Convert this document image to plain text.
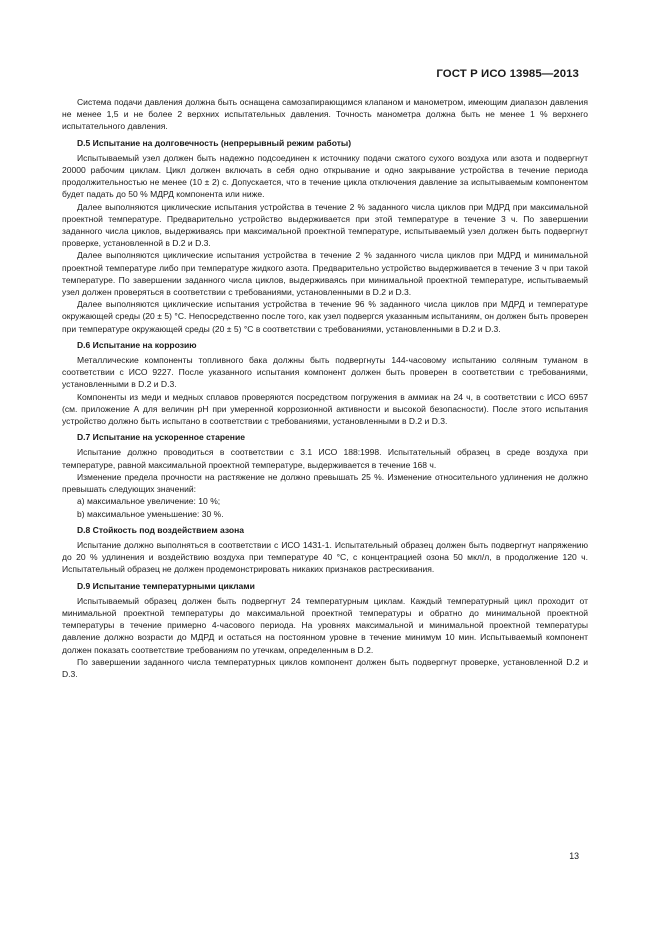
ГОСТ Р ИСО 13985—2013

Система подачи давления должна быть оснащена самозапирающимся клапаном и манометром, имеющим диапазон давления не менее 1,5 и не более 2 верхних испытательных давления. Точность манометра должна быть не менее 1 % верхнего испытательного давления.

D.5 Испытание на долговечность (непрерывный режим работы)

Испытываемый узел должен быть надежно подсоединен к источнику подачи сжатого сухого воздуха или азота и подвергнут 20000 рабочим циклам. Цикл должен включать в себя одно открывание и одно закрывание устройства в течение периода продолжительностью не менее (10 ± 2) с. Допускается, что в течение цикла отключения давление за испытываемым компонентом будет падать до 50 % МДРД компонента или ниже.

Далее выполняются циклические испытания устройства в течение 2 % заданного числа циклов при МДРД при максимальной проектной температуре. Предварительно устройство выдерживается при этой температуре в течение 3 ч. По завершении заданного числа циклов, выдерживаясь при максимальной проектной температуре, испытываемый узел должен быть подвергнут проверке, установленной в D.2 и D.3.

Далее выполняются циклические испытания устройства в течение 2 % заданного числа циклов при МДРД и минимальной проектной температуре либо при температуре жидкого азота. Предварительно устройство выдерживается в течение 3 ч при такой температуре. По завершении заданного числа циклов, выдерживаясь при минимальной проектной температуре, испытываемый узел должен проверяться в соответствии с требованиями, установленными в D.2 и D.3.

Далее выполняются циклические испытания устройства в течение 96 % заданного числа циклов при МДРД и температуре окружающей среды (20 ± 5) °С. Непосредственно после того, как узел подвергся указанным испытаниям, он должен быть проверен при температуре окружающей среды (20 ± 5) °С в соответствии с требованиями, установленными в D.2 и D.3.

D.6 Испытание на коррозию

Металлические компоненты топливного бака должны быть подвергнуты 144-часовому испытанию соляным туманом в соответствии с ИСО 9227. После указанного испытания компонент должен быть проверен в соответствии с требованиями, установленными в D.2 и D.3.

Компоненты из меди и медных сплавов проверяются посредством погружения в аммиак на 24 ч, в соответствии с ИСО 6957 (см. приложение А для величин pH при умеренной коррозионной активности и высокой безопасности). После этого испытания устройство должно быть испытано в соответствии с требованиями, установленными в D.2 и D.3.

D.7 Испытание на ускоренное старение

Испытание должно проводиться в соответствии с 3.1 ИСО 188:1998. Испытательный образец в среде воздуха при температуре, равной максимальной проектной температуре, выдерживается в течение 168 ч.

Изменение предела прочности на растяжение не должно превышать 25 %. Изменение относительного удлинения не должно превышать следующих значений:

а) максимальное увеличение: 10 %;
b) максимальное уменьшение: 30 %.
D.8 Стойкость под воздействием азона

Испытание должно выполняться в соответствии с ИСО 1431-1. Испытательный образец должен быть подвергнут напряжению до 20 % удлинения и воздействию воздуха при температуре 40 °С, с концентрацией озона 50 мкл/л, в продолжение 120 ч. Испытательный образец не должен продемонстрировать никаких признаков растрескивания.

D.9 Испытание температурными циклами

Испытываемый образец должен быть подвергнут 24 температурным циклам. Каждый температурный цикл проходит от минимальной проектной температуры до максимальной проектной температуры и обратно до минимальной проектной температуры в течение примерно 4-часового периода. На уровнях максимальной и минимальной проектной температуры давление должно возрасти до МДРД и остаться на постоянном уровне в течение минимум 10 мин. Испытываемый компонент должен показать соответствие требованиям по утечкам, определенным в D.2.

По завершении заданного числа температурных циклов компонент должен быть подвергнут проверке, установленной D.2 и D.3.

13
